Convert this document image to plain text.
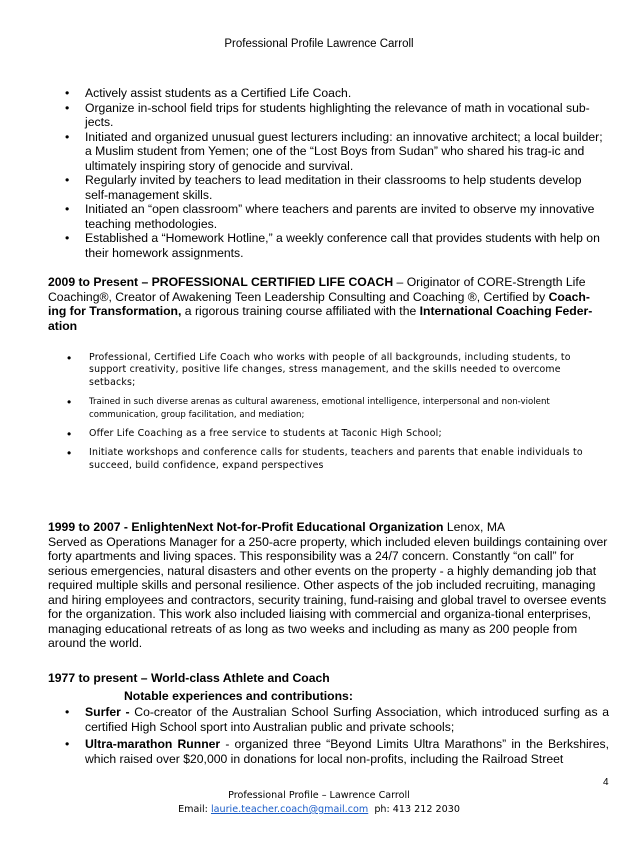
Professional Profile Lawrence Carroll
• Actively assist students as a Certified Life Coach.
• Organize in-school field trips for students highlighting the relevance of math in vocational sub-jects.
• Initiated and organized unusual guest lecturers including: an innovative architect; a local builder; a Muslim student from Yemen; one of the “Lost Boys from Sudan” who shared his trag-ic and ultimately inspiring story of genocide and survival.
• Regularly invited by teachers to lead meditation in their classrooms to help students develop self-management skills.
• Initiated an “open classroom” where teachers and parents are invited to observe my innovative teaching methodologies.
• Established a “Homework Hotline,” a weekly conference call that provides students with help on their homework assignments.
2009 to Present – PROFESSIONAL CERTIFIED LIFE COACH – Originator of CORE-Strength Life Coaching®, Creator of Awakening Teen Leadership Consulting and Coaching ®, Certified by Coach-ing for Transformation, a rigorous training course affiliated with the International Coaching Feder-ation
• Professional, Certified Life Coach who works with people of all backgrounds, including students, to support creativity, positive life changes, stress management, and the skills needed to overcome setbacks;
• Trained in such diverse arenas as cultural awareness, emotional intelligence, interpersonal and non-violent communication, group facilitation, and mediation;
• Offer Life Coaching as a free service to students at Taconic High School;
• Initiate workshops and conference calls for students, teachers and parents that enable individuals to succeed, build confidence, expand perspectives
1999 to 2007 - EnlightenNext Not-for-Profit Educational Organization Lenox, MA
Served as Operations Manager for a 250-acre property, which included eleven buildings containing over forty apartments and living spaces. This responsibility was a 24/7 concern. Constantly “on call” for serious emergencies, natural disasters and other events on the property - a highly demanding job that required multiple skills and personal resilience. Other aspects of the job included recruiting, managing and hiring employees and contractors, security training, fund-raising and global travel to oversee events for the organization. This work also included liaising with commercial and organiza-tional enterprises, managing educational retreats of as long as two weeks and including as many as 200 people from around the world.
1977 to present – World-class Athlete and Coach
Notable experiences and contributions:
• Surfer - Co-creator of the Australian School Surfing Association, which introduced surfing as a certified High School sport into Australian public and private schools;
• Ultra-marathon Runner - organized three “Beyond Limits Ultra Marathons” in the Berkshires, which raised over $20,000 in donations for local non-profits, including the Railroad Street
4
Professional Profile – Lawrence Carroll
Email: laurie.teacher.coach@gmail.com  ph: 413 212 2030
